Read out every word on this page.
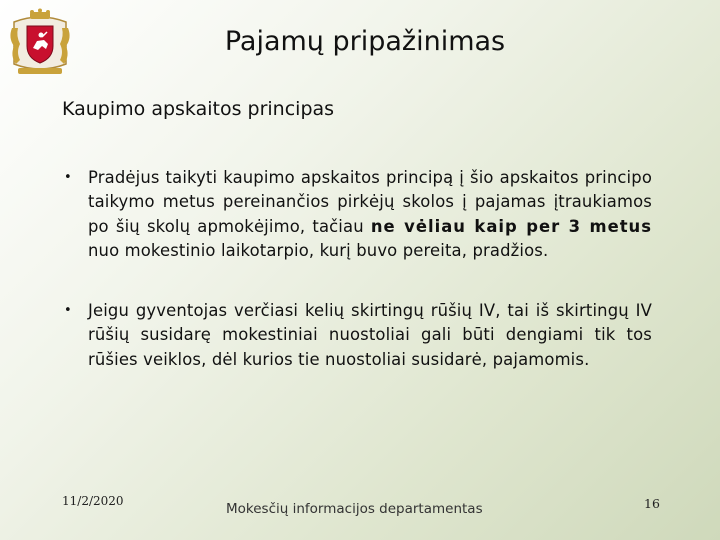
Pajamų pripažinimas
Kaupimo apskaitos principas

• Pradėjus taikyti kaupimo apskaitos principą į šio apskaitos principo taikymo metus pereinančios pirkėjų skolos į pajamas įtraukiamos po šių skolų apmokėjimo, tačiau ne vėliau kaip per 3 metus nuo mokestinio laikotarpio, kurį buvo pereita, pradžios.

• Jeigu gyventojas verčiasi kelių skirtingų rūšių IV, tai iš skirtingų IV rūšių susidarę mokestiniai nuostoliai gali būti dengiami tik tos rūšies veiklos, dėl kurios tie nuostoliai susidarė, pajamomis.

11/2/2020	Mokesčių informacijos departamentas	16
